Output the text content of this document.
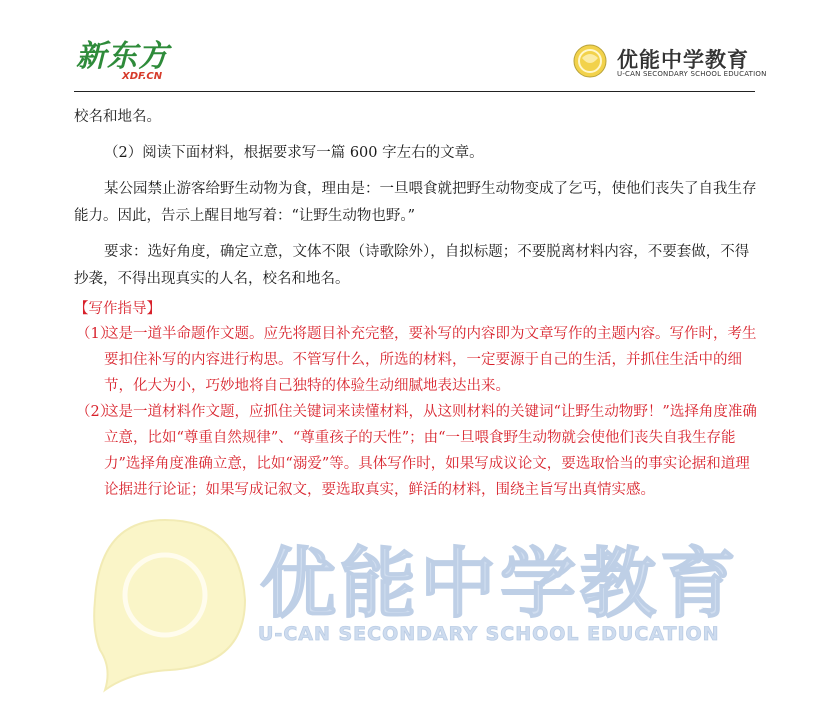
新东方
XDF.CN
优能中学教育
U-CAN SECONDARY SCHOOL EDUCATION
优能中学教育
U-CAN SECONDARY SCHOOL EDUCATION

校名和地名。

（2）阅读下面材料，根据要求写一篇 600 字左右的文章。

某公园禁止游客给野生动物为食，理由是：一旦喂食就把野生动物变成了乞丐，使他们丧失了自我生存能力。因此，告示上醒目地写着：“让野生动物也野。”

要求：选好角度，确定立意，文体不限（诗歌除外），自拟标题；不要脱离材料内容，不要套做，不得抄袭，不得出现真实的人名，校名和地名。

【写作指导】
（1）
这是一道半命题作文题。应先将题目补充完整，要补写的内容即为文章写作的主题内容。写作时，考生要扣住补写的内容进行构思。不管写什么，所选的材料，一定要源于自己的生活，并抓住生活中的细节，化大为小，巧妙地将自己独特的体验生动细腻地表达出来。
（2）
这是一道材料作文题，应抓住关键词来读懂材料，从这则材料的关键词“让野生动物野！”选择角度准确立意，比如“尊重自然规律”、“尊重孩子的天性”；由“一旦喂食野生动物就会使他们丧失自我生存能力”选择角度准确立意，比如“溺爱”等。具体写作时，如果写成议论文，要选取恰当的事实论据和道理论据进行论证；如果写成记叙文，要选取真实，鲜活的材料，围绕主旨写出真情实感。
